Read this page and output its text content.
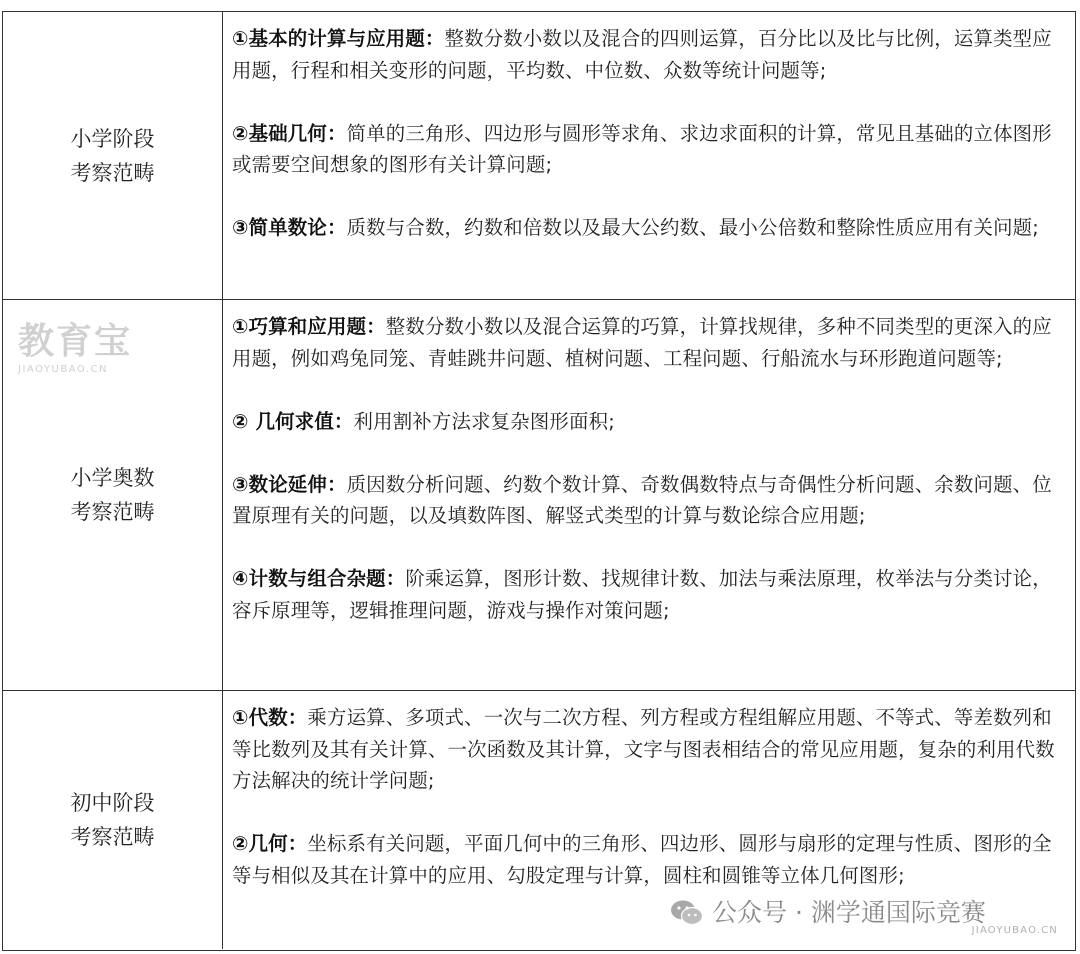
小学阶段
考察范畴

①基本的计算与应用题：整数分数小数以及混合的四则运算，百分比以及比与比例，运算类型应用题，行程和相关变形的问题，平均数、中位数、众数等统计问题等;

②基础几何：简单的三角形、四边形与圆形等求角、求边求面积的计算，常见且基础的立体图形或需要空间想象的图形有关计算问题;

③简单数论：质数与合数，约数和倍数以及最大公约数、最小公倍数和整除性质应用有关问题;

小学奥数
考察范畴

①巧算和应用题：整数分数小数以及混合运算的巧算，计算找规律，多种不同类型的更深入的应用题，例如鸡兔同笼、青蛙跳井问题、植树问题、工程问题、行船流水与环形跑道问题等;

② 几何求值：利用割补方法求复杂图形面积;

③数论延伸：质因数分析问题、约数个数计算、奇数偶数特点与奇偶性分析问题、余数问题、位置原理有关的问题，以及填数阵图、解竖式类型的计算与数论综合应用题;

④计数与组合杂题：阶乘运算，图形计数、找规律计数、加法与乘法原理，枚举法与分类讨论，容斥原理等，逻辑推理问题，游戏与操作对策问题;

初中阶段
考察范畴

①代数：乘方运算、多项式、一次与二次方程、列方程或方程组解应用题、不等式、等差数列和等比数列及其有关计算、一次函数及其计算，文字与图表相结合的常见应用题，复杂的利用代数方法解决的统计学问题;

②几何：坐标系有关问题，平面几何中的三角形、四边形、圆形与扇形的定理与性质、图形的全等与相似及其在计算中的应用、勾股定理与计算，圆柱和圆锥等立体几何图形;

教育宝
JIAOYUBAO.CN
公众号 · 渊学通国际竞赛
JIAOYUBAO.CN
